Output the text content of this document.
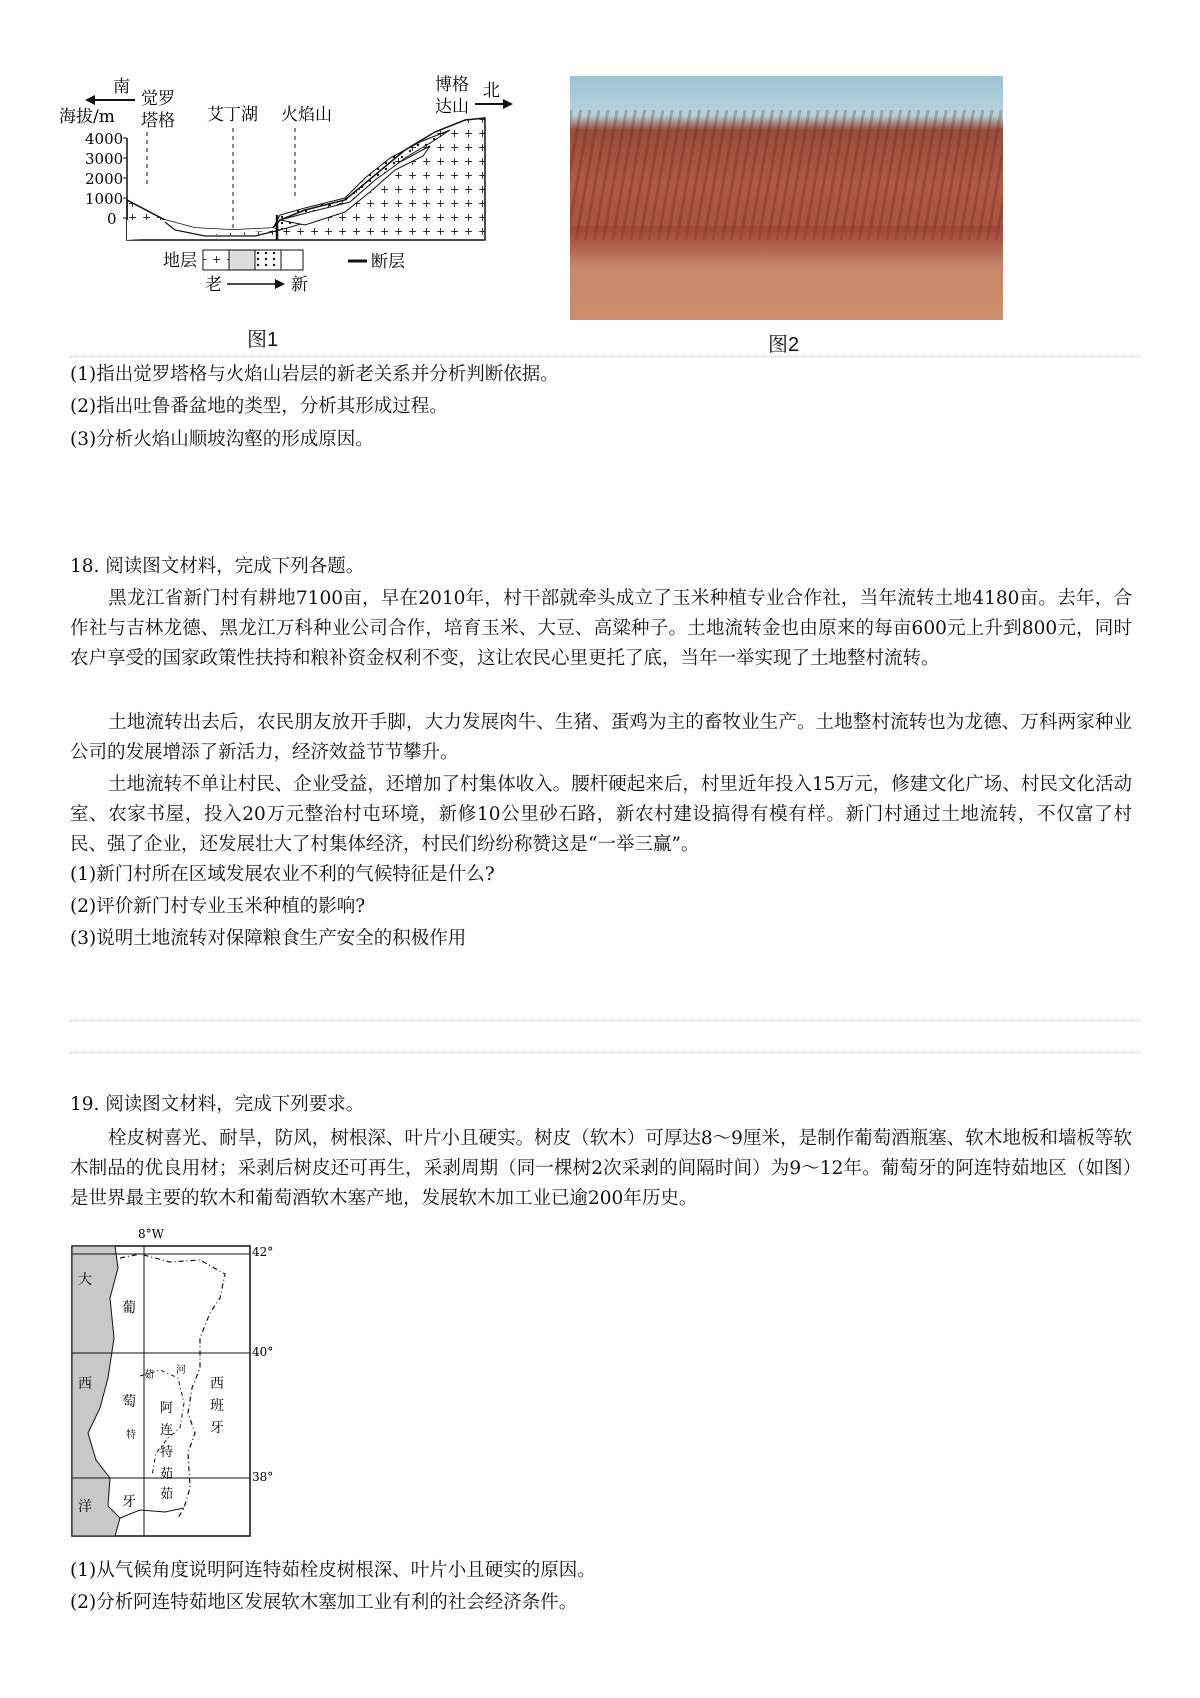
南
海拔/m
觉罗
塔格 艾丁湖 火焰山
博格
达山
北
4000
3000
2000
1000
0
地层	断层
老	新
图1	图2
(1)指出觉罗塔格与火焰山岩层的新老关系并分析判断依据。
(2)指出吐鲁番盆地的类型，分析其形成过程。
(3)分析火焰山顺坡沟壑的形成原因。
18. 阅读图文材料，完成下列各题。
黑龙江省新门村有耕地7100亩，早在2010年，村干部就牵头成立了玉米种植专业合作社，当年流转土地4180亩。去年，合作社与吉林龙德、黑龙江万科种业公司合作，培育玉米、大豆、高粱种子。土地流转金也由原来的每亩600元上升到800元，同时农户享受的国家政策性扶持和粮补资金权利不变，这让农民心里更托了底，当年一举实现了土地整村流转。
土地流转出去后，农民朋友放开手脚，大力发展肉牛、生猪、蛋鸡为主的畜牧业生产。土地整村流转也为龙德、万科两家种业公司的发展增添了新活力，经济效益节节攀升。
土地流转不单让村民、企业受益，还增加了村集体收入。腰杆硬起来后，村里近年投入15万元，修建文化广场、村民文化活动室、农家书屋，投入20万元整治村屯环境，新修10公里砂石路，新农村建设搞得有模有样。新门村通过土地流转，不仅富了村民、强了企业，还发展壮大了村集体经济，村民们纷纷称赞这是“一举三赢”。
(1)新门村所在区域发展农业不利的气候特征是什么?
(2)评价新门村专业玉米种植的影响?
(3)说明土地流转对保障粮食生产安全的积极作用
19. 阅读图文材料，完成下列要求。
栓皮树喜光、耐旱，防风，树根深、叶片小且硬实。树皮（软木）可厚达8～9厘米，是制作葡萄酒瓶塞、软木地板和墙板等软木制品的优良用材；采剥后树皮还可再生，采剥周期（同一棵树2次采剥的间隔时间）为9～12年。葡萄牙的阿连特茹地区（如图）是世界最主要的软木和葡萄酒软木塞产地，发展软木加工业已逾200年历史。
8°W
42°
40°
38°
大
西
洋
葡
萄
牙
西
班
牙
茹 河
阿
连
特
茹
特
茹
(1)从气候角度说明阿连特茹栓皮树根深、叶片小且硬实的原因。
(2)分析阿连特茹地区发展软木塞加工业有利的社会经济条件。
